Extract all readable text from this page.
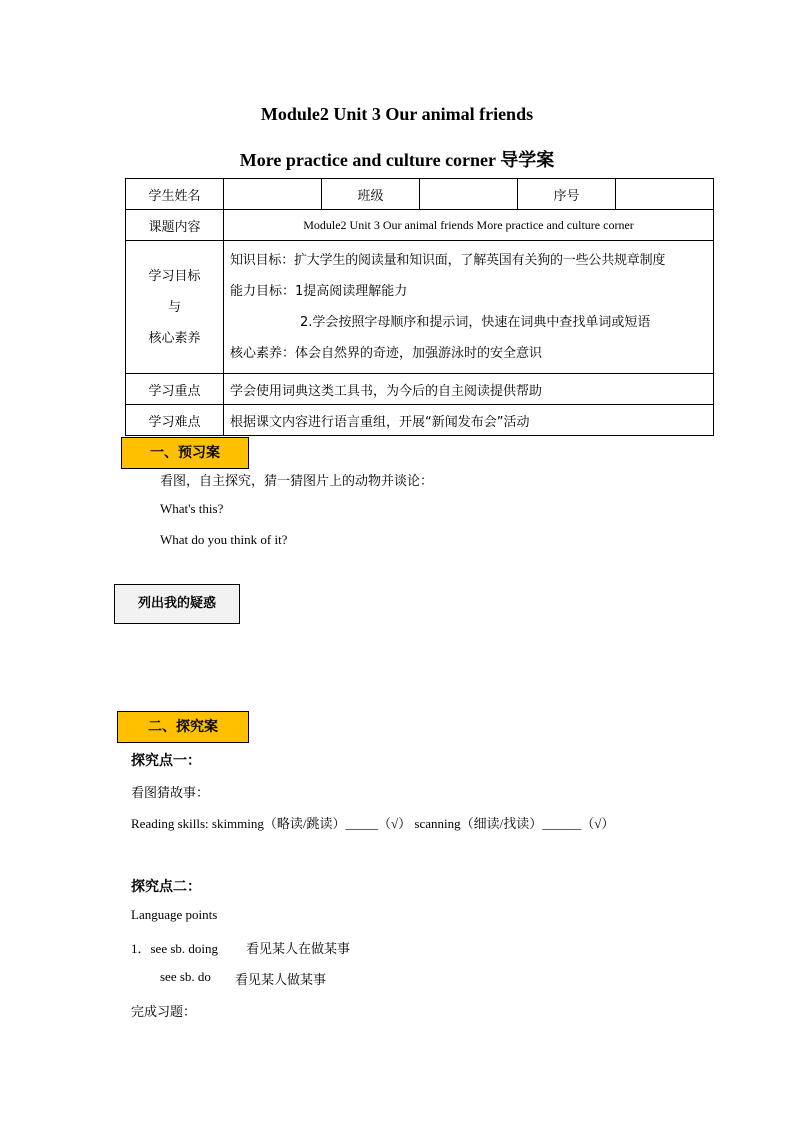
Module2 Unit 3 Our animal friends
More practice and culture corner 导学案
学生姓名		班级		序号	
课题内容	Module2 Unit 3 Our animal friends More practice and culture corner				

学习目标
与
核心素养	知识目标：扩大学生的阅读量和知识面，了解英国有关狗的一些公共规章制度
能力目标：1提高阅读理解能力
2.学会按照字母顺序和提示词，快速在词典中查找单词或短语
核心素养：体会自然界的奇迹，加强游泳时的安全意识				

学习重点	学会使用词典这类工具书，为今后的自主阅读提供帮助				
学习难点	根据课文内容进行语言重组，开展“新闻发布会”活动				
一、预习案
看图，自主探究，猜一猜图片上的动物并谈论：
What's this?
What do you think of it?
列出我的疑惑
二、探究案
探究点一：
看图猜故事：
Reading skills: skimming（略读/跳读）_____（√） scanning（细读/找读）______（√）
探究点二：
Language points
1．see sb. doing 看见某人在做某事
see sb. do 看见某人做某事
完成习题：
